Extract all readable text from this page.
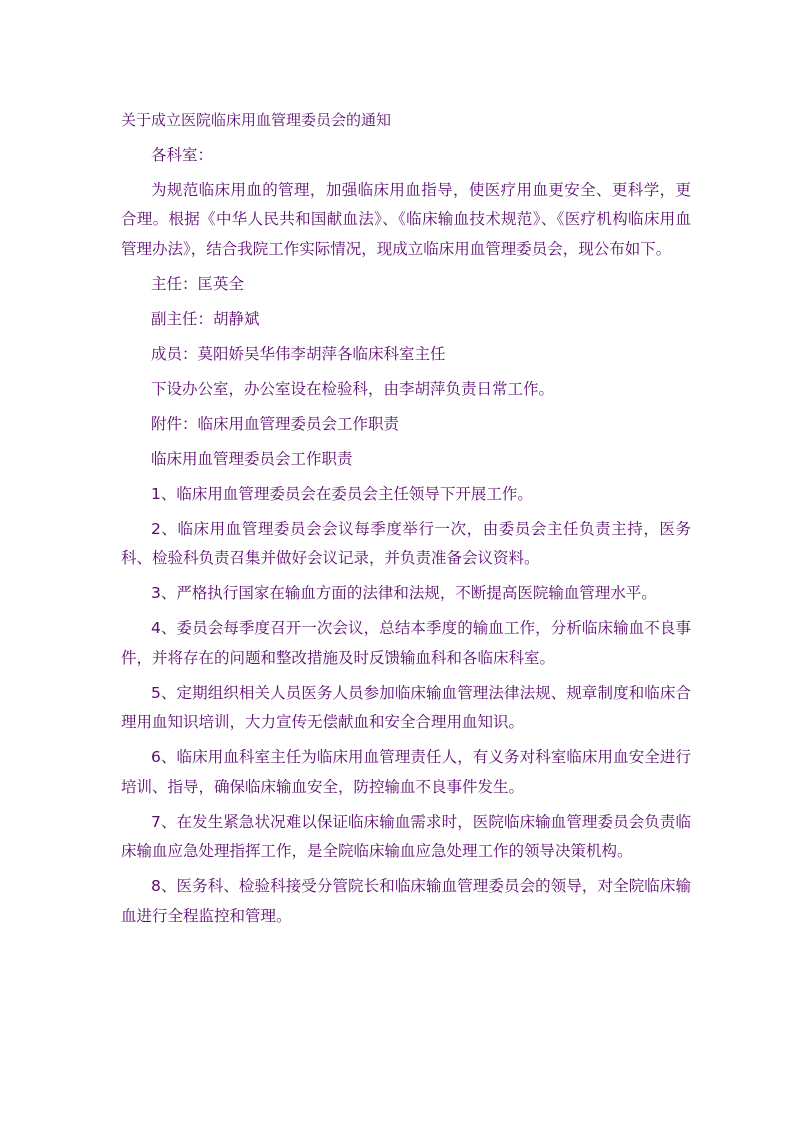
关于成立医院临床用血管理委员会的通知

各科室：

为规范临床用血的管理，加强临床用血指导，使医疗用血更安全、更科学，更合理。根据《中华人民共和国献血法》、《临床输血技术规范》、《医疗机构临床用血管理办法》，结合我院工作实际情况，现成立临床用血管理委员会，现公布如下。

主任：匡英全

副主任：胡静斌

成员：莫阳娇吴华伟李胡萍各临床科室主任

下设办公室，办公室设在检验科，由李胡萍负责日常工作。

附件：临床用血管理委员会工作职责

临床用血管理委员会工作职责

1、临床用血管理委员会在委员会主任领导下开展工作。

2、临床用血管理委员会会议每季度举行一次，由委员会主任负责主持，医务科、检验科负责召集并做好会议记录，并负责准备会议资料。

3、严格执行国家在输血方面的法律和法规，不断提高医院输血管理水平。

4、委员会每季度召开一次会议，总结本季度的输血工作，分析临床输血不良事件，并将存在的问题和整改措施及时反馈输血科和各临床科室。

5、定期组织相关人员医务人员参加临床输血管理法律法规、规章制度和临床合理用血知识培训，大力宣传无偿献血和安全合理用血知识。

6、临床用血科室主任为临床用血管理责任人，有义务对科室临床用血安全进行培训、指导，确保临床输血安全，防控输血不良事件发生。

7、在发生紧急状况难以保证临床输血需求时，医院临床输血管理委员会负责临床输血应急处理指挥工作，是全院临床输血应急处理工作的领导决策机构。

8、医务科、检验科接受分管院长和临床输血管理委员会的领导，对全院临床输血进行全程监控和管理。
